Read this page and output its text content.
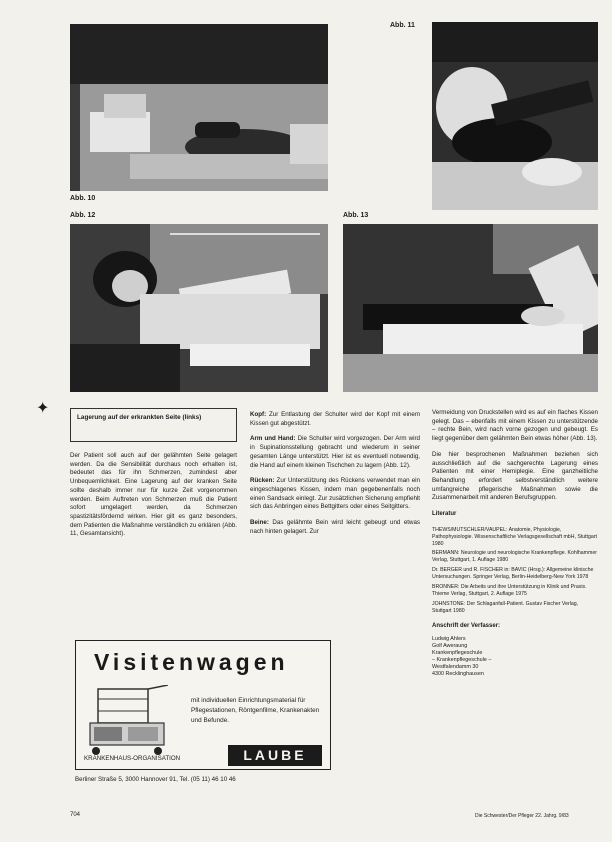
Abb. 10
Abb. 11
Abb. 12	Abb. 13
✦
Lagerung auf der erkrankten Seite (links)

Der Patient soll auch auf der gelähmten Seite gelagert werden. Da die Sensibilität durchaus noch erhalten ist, bedeutet das für ihn Schmerzen, zumindest aber Unbequemlichkeit. Eine Lagerung auf der kranken Seite sollte deshalb immer nur für kurze Zeit vorgenommen werden. Beim Auftreten von Schmerzen muß die Patient sofort umgelagert werden, da Schmerzen spastizitätsfördernd wirken. Hier gilt es ganz besonders, dem Patienten die Maßnahme verständlich zu erklären (Abb. 11, Gesamtansicht).

Kopf: Zur Entlastung der Schulter wird der Kopf mit einem Kissen gut abgestützt.

Arm und Hand: Die Schulter wird vorgezogen. Der Arm wird in Supinationsstellung gebracht und wiederum in seiner gesamten Länge unterstützt. Hier ist es eventuell notwendig, die Hand auf einem kleinen Tischchen zu lagern (Abb. 12).

Rücken: Zur Unterstützung des Rückens verwendet man ein eingeschlagenes Kissen, indem man gegebenenfalls noch einen Sandsack einlegt. Zur zusätzlichen Sicherung empfiehlt sich das Anbringen eines Bettgitters oder eines Seitgitters.

Beine: Das gelähmte Bein wird leicht gebeugt und etwas nach hinten gelagert. Zur

Vermeidung von Druckstellen wird es auf ein flaches Kissen gelegt. Das – ebenfalls mit einem Kissen zu unterstützende – rechte Bein, wird nach vorne gezogen und gebeugt. Es liegt gegenüber dem gelähmten Bein etwas höher (Abb. 13).

Die hier besprochenen Maßnahmen beziehen sich ausschließlich auf die sachgerechte Lagerung eines Patienten mit einer Hemiplegie. Eine ganzheitliche Behandlung erfordert selbstverständlich weitere umfangreiche pflegerische Maßnahmen sowie die Zusammenarbeit mit anderen Berufsgruppen.

Literatur
THEWS/MUTSCHLER/VAUPEL: Anatomie, Physiologie, Pathophysiologie. Wissenschaftliche Verlagsgesellschaft mbH, Stuttgart 1980
BERMANN: Neurologie und neurologische Krankenpflege. Kohlhammer Verlag, Stuttgart, 1. Auflage 1980
Dr. BERGER und R. FISCHER in: BAVIC (Hrsg.): Allgemeine klinische Untersuchungen. Springer Verlag, Berlin-Heidelberg-New York 1978
BRONNER: Die Arbeits und ihre Unterstützung in Klinik und Praxis. Thieme Verlag, Stuttgart, 2. Auflage 1975
JOHNSTONE: Der Schlaganfall-Patient. Gustav Fischer Verlag, Stuttgart 1980
Anschrift der Verfasser:
Ludwig Ahlers
Golf Aweraung
Krankenpflegeschule
– Krankenpflegeschule –
Westfalendamm 30
4300 Recklinghausen
Visitenwagen
mit individuellen Einrichtungsmaterial für Pflegestationen, Röntgenfilme, Krankenakten und Befunde.
KRANKENHAUS-ORGANISATION	LAUBE
Berliner Straße 5, 3000 Hannover 91, Tel. (05 11) 46 10 46
704	Die Schwester/Der Pfleger 22. Jahrg. 9/83
